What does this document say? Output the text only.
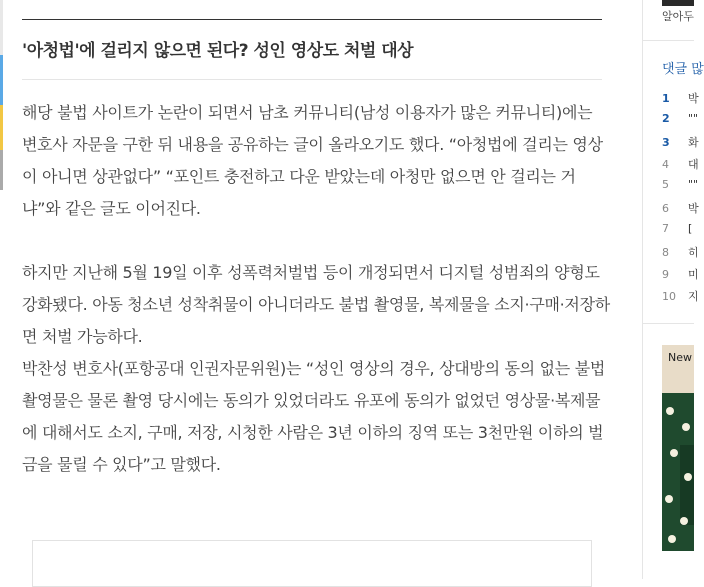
'아청법'에 걸리지 않으면 된다? 성인 영상도 처벌 대상

해당 불법 사이트가 논란이 되면서 남초 커뮤니티(남성 이용자가 많은 커뮤니티)에는 변호사 자문을 구한 뒤 내용을 공유하는 글이 올라오기도 했다. “아청법에 걸리는 영상이 아니면 상관없다” “포인트 충전하고 다운 받았는데 아청만 없으면 안 걸리는 거냐”와 같은 글도 이어진다.

하지만 지난해 5월 19일 이후 성폭력처벌법 등이 개정되면서 디지털 성범죄의 양형도 강화됐다. 아동 청소년 성착취물이 아니더라도 불법 촬영물, 복제물을 소지·구매·저장하면 처벌 가능하다.

박찬성 변호사(포항공대 인권자문위원)는 “성인 영상의 경우, 상대방의 동의 없는 불법 촬영물은 물론 촬영 당시에는 동의가 있었더라도 유포에 동의가 없었던 영상물·복제물에 대해서도 소지, 구매, 저장, 시청한 사람은 3년 이하의 징역 또는 3천만원 이하의 벌금을 물릴 수 있다”고 말했다.

알아두
댓글 많
1 박
2 ""
3 화
4 대
5 ""
6 박
7 [
8 히
9 미
10 지
New
